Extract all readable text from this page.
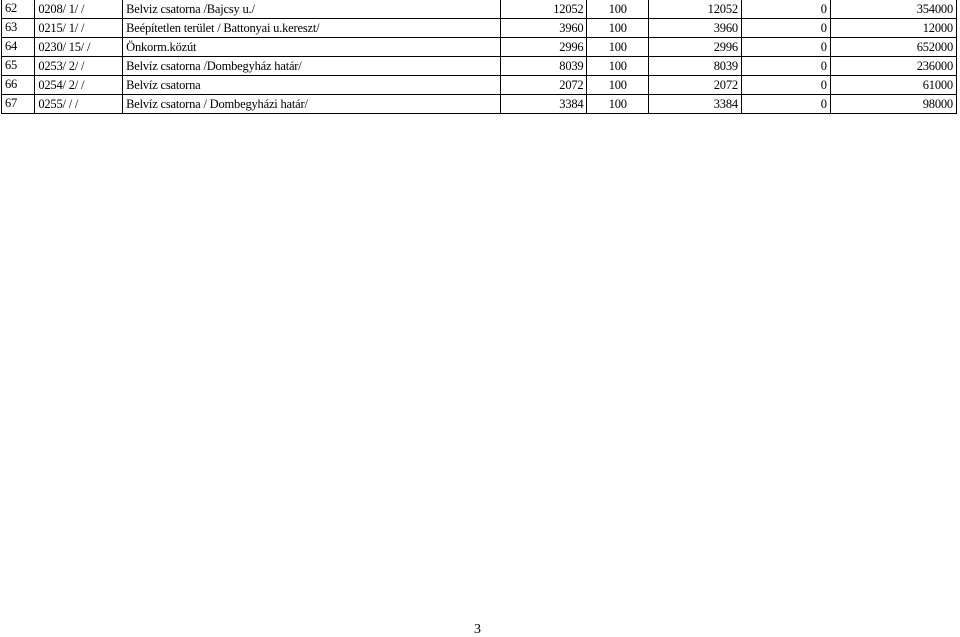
62	0208/ 1/ /	Belviz csatorna /Bajcsy u./	12052	100	12052	0	354000
63	0215/ 1/ /	Beépítetlen terület / Battonyai u.kereszt/	3960	100	3960	0	12000
64	0230/ 15/ /	Önkorm.közút	2996	100	2996	0	652000
65	0253/ 2/ /	Belvíz csatorna /Dombegyház határ/	8039	100	8039	0	236000
66	0254/ 2/ /	Belvíz csatorna	2072	100	2072	0	61000
67	0255/ / /	Belvíz csatorna / Dombegyházi határ/	3384	100	3384	0	98000
3
